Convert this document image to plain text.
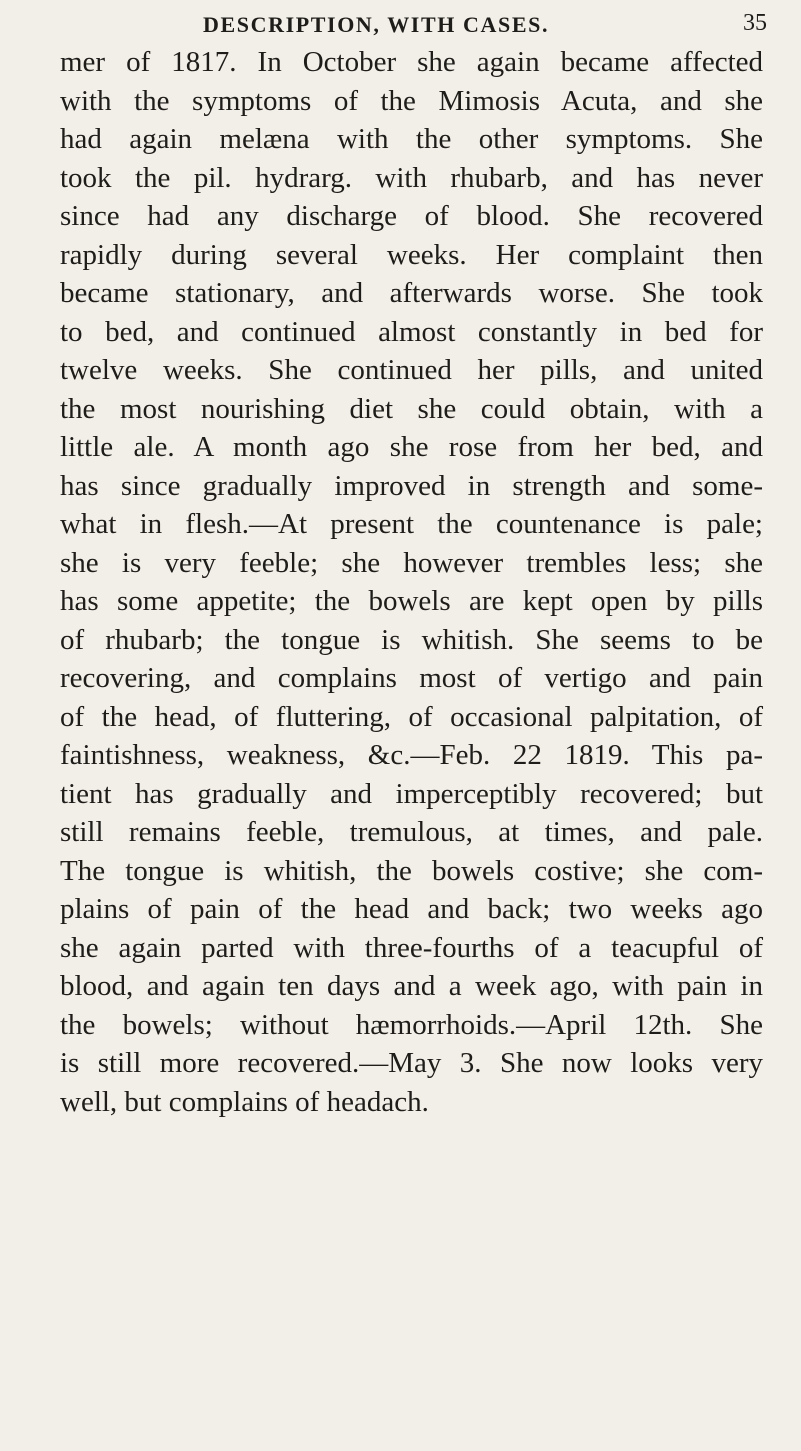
DESCRIPTION, WITH CASES.	35
mer of 1817. In October she again became affected
with the symptoms of the Mimosis Acuta, and she
had again melæna with the other symptoms. She
took the pil. hydrarg. with rhubarb, and has never
since had any discharge of blood. She recovered
rapidly during several weeks. Her complaint then
became stationary, and afterwards worse. She took
to bed, and continued almost constantly in bed for
twelve weeks. She continued her pills, and united
the most nourishing diet she could obtain, with a
little ale. A month ago she rose from her bed, and
has since gradually improved in strength and some-
what in flesh.—At present the countenance is pale;
she is very feeble; she however trembles less; she
has some appetite; the bowels are kept open by pills
of rhubarb; the tongue is whitish. She seems to be
recovering, and complains most of vertigo and pain
of the head, of fluttering, of occasional palpitation, of
faintishness, weakness, &c.—Feb. 22 1819. This pa-
tient has gradually and imperceptibly recovered; but
still remains feeble, tremulous, at times, and pale.
The tongue is whitish, the bowels costive; she com-
plains of pain of the head and back; two weeks ago
she again parted with three-fourths of a teacupful of
blood, and again ten days and a week ago, with pain in
the bowels; without hæmorrhoids.—April 12th. She
is still more recovered.—May 3. She now looks very
well, but complains of headach.
